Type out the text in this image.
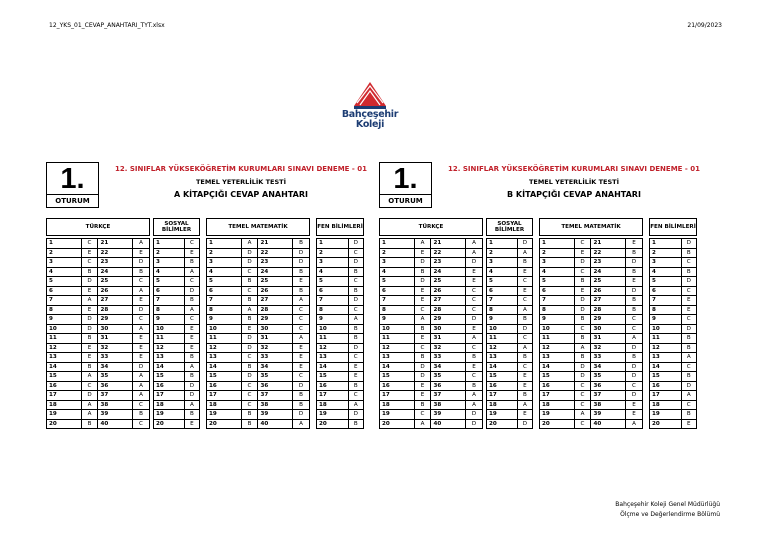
12_YKS_01_CEVAP_ANAHTARI_TYT.xlsx	21/09/2023
Bahçeşehir
Koleji
1.
OTURUM
12. SINIFLAR YÜKSEKÖĞRETİM KURUMLARI SINAVI DENEME - 01
TEMEL YETERLİLİK TESTİ
A KİTAPÇIĞI CEVAP ANAHTARI
TÜRKÇE
SOSYAL BİLİMLER
TEMEL MATEMATİK	FEN BİLİMLERİ
1	C	21	A
2	E	22	E
3	C	23	D
4	B	24	B
5	D	25	C
6	E	26	A
7	A	27	E
8	E	28	D
9	D	29	C
10	D	30	A
11	B	31	E
12	E	32	E
13	E	33	E
14	B	34	D
15	A	35	A
16	C	36	A
17	D	37	A
18	A	38	C
19	A	39	B
20	B	40	C
1	C
2	E
3	B
4	A
5	C
6	D
7	B
8	A
9	C
10	E
11	E
12	E
13	B
14	A
15	B
16	D
17	D
18	A
19	B
20	E
1	A	21	B
2	D	22	D
3	D	23	D
4	C	24	B
5	B	25	E
6	C	26	B
7	B	27	A
8	A	28	C
9	B	29	C
10	E	30	C
11	D	31	A
12	D	32	E
13	C	33	E
14	B	34	E
15	D	35	C
16	C	36	D
17	C	37	B
18	C	38	B
19	B	39	D
20	B	40	A
1	D
2	C
3	D
4	B
5	C
6	B
7	D
8	C
9	A
10	B
11	B
12	D
13	C
14	E
15	E
16	B
17	C
18	A
19	D
20	B
1.
OTURUM
12. SINIFLAR YÜKSEKÖĞRETİM KURUMLARI SINAVI DENEME - 01
TEMEL YETERLİLİK TESTİ
B KİTAPÇIĞI CEVAP ANAHTARI
TÜRKÇE
SOSYAL BİLİMLER
TEMEL MATEMATİK	FEN BİLİMLERİ
1	A	21	A
2	E	22	A
3	D	23	D
4	B	24	E
5	D	25	E
6	E	26	C
7	E	27	C
8	C	28	C
9	A	29	D
10	B	30	E
11	E	31	A
12	C	32	C
13	B	33	B
14	D	34	E
15	D	35	C
16	E	36	B
17	E	37	A
18	B	38	A
19	C	39	D
20	A	40	D
1	D
2	A
3	B
4	E
5	C
6	E
7	C
8	A
9	B
10	D
11	C
12	A
13	B
14	C
15	E
16	E
17	B
18	A
19	E
20	D
1	C	21	E
2	E	22	B
3	D	23	D
4	C	24	B
5	B	25	E
6	E	26	D
7	D	27	B
8	D	28	B
9	B	29	C
10	C	30	C
11	B	31	A
12	A	32	D
13	B	33	B
14	D	34	D
15	D	35	D
16	C	36	C
17	C	37	D
18	C	38	E
19	A	39	E
20	C	40	A
1	D
2	B
3	C
4	B
5	D
6	C
7	E
8	E
9	C
10	D
11	B
12	B
13	A
14	C
15	B
16	D
17	A
18	C
19	B
20	E
Bahçeşehir Koleji Genel Müdürlüğü
Ölçme ve Değerlendirme Bölümü
